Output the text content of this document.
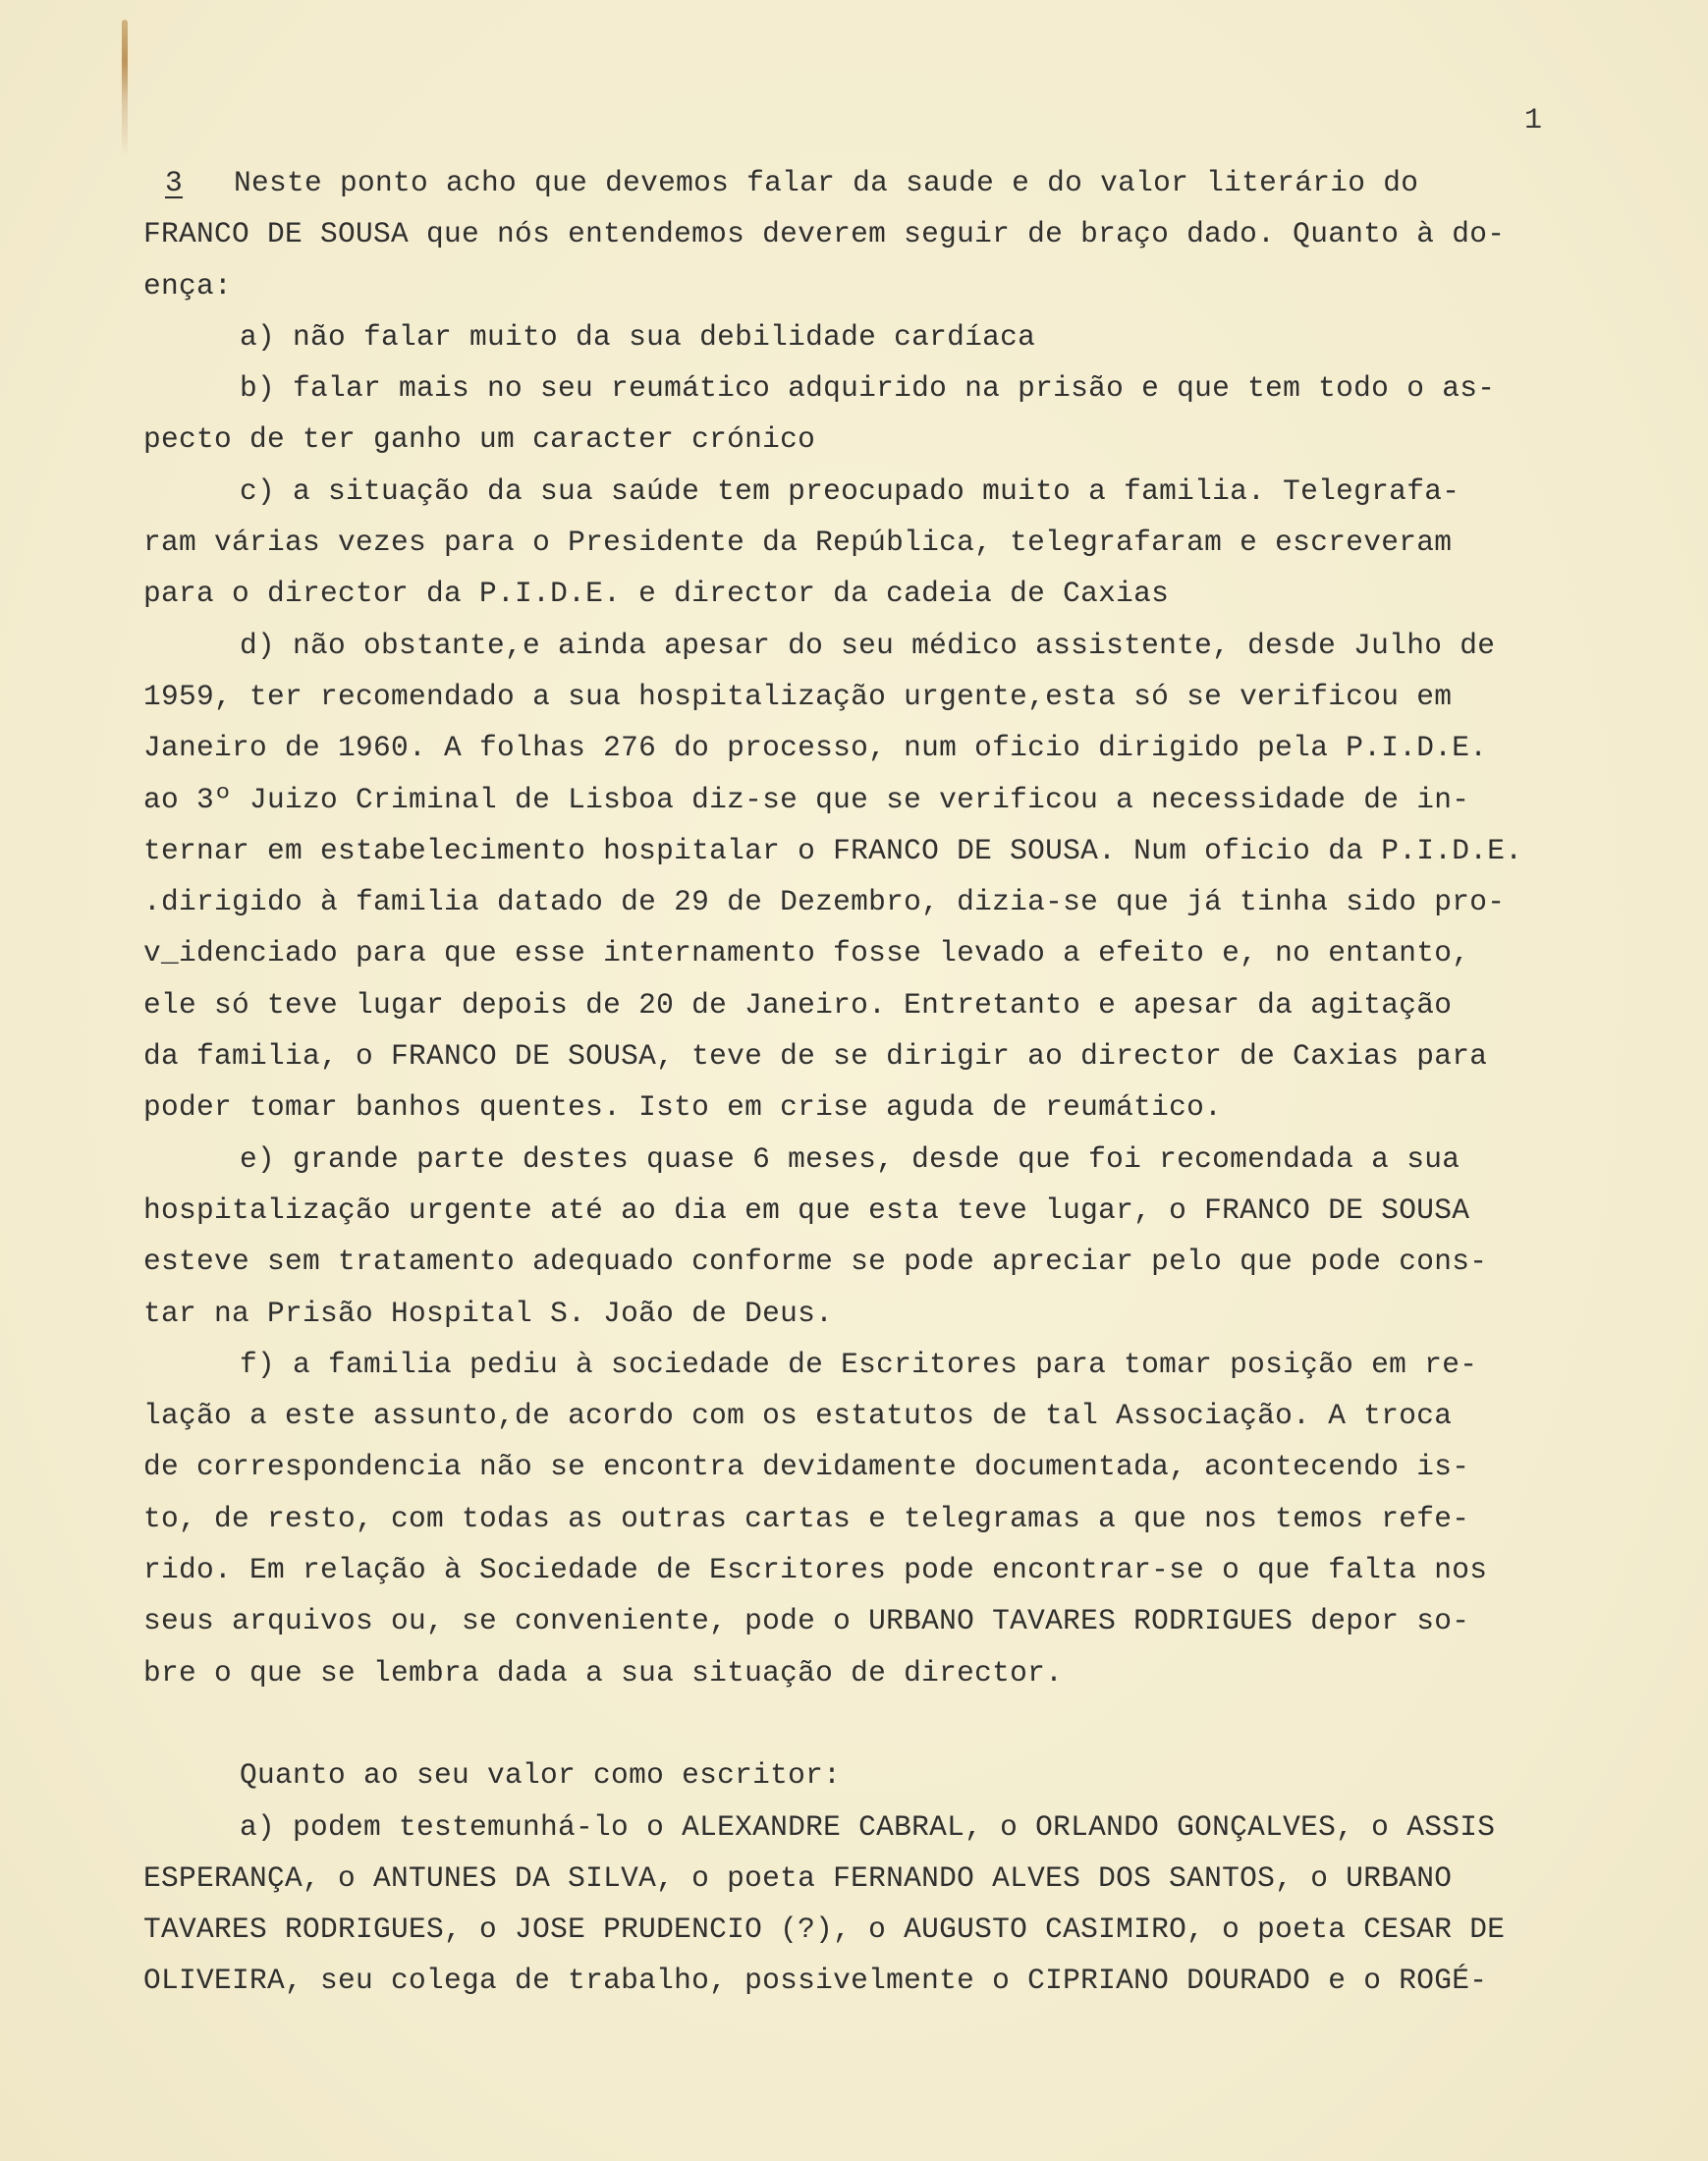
1
3 Neste ponto acho que devemos falar da saude e do valor literário do
FRANCO DE SOUSA que nós entendemos deverem seguir de braço dado. Quanto à do-
ença:
a) não falar muito da sua debilidade cardíaca
b) falar mais no seu reumático adquirido na prisão e que tem todo o as-
pecto de ter ganho um caracter crónico
c) a situação da sua saúde tem preocupado muito a familia. Telegrafa-
ram várias vezes para o Presidente da República, telegrafaram e escreveram
para o director da P.I.D.E. e director da cadeia de Caxias
d) não obstante,e ainda apesar do seu médico assistente, desde Julho de
1959, ter recomendado a sua hospitalização urgente,esta só se verificou em
Janeiro de 1960. A folhas 276 do processo, num oficio dirigido pela P.I.D.E.
ao 3º Juizo Criminal de Lisboa diz-se que se verificou a necessidade de in-
ternar em estabelecimento hospitalar o FRANCO DE SOUSA. Num oficio da P.I.D.E.
.dirigido à familia datado de 29 de Dezembro, dizia-se que já tinha sido pro-
v_idenciado para que esse internamento fosse levado a efeito e, no entanto,
ele só teve lugar depois de 20 de Janeiro. Entretanto e apesar da agitação
da familia, o FRANCO DE SOUSA, teve de se dirigir ao director de Caxias para
poder tomar banhos quentes. Isto em crise aguda de reumático.
e) grande parte destes quase 6 meses, desde que foi recomendada a sua
hospitalização urgente até ao dia em que esta teve lugar, o FRANCO DE SOUSA
esteve sem tratamento adequado conforme se pode apreciar pelo que pode cons-
tar na Prisão Hospital S. João de Deus.
f) a familia pediu à sociedade de Escritores para tomar posição em re-
lação a este assunto,de acordo com os estatutos de tal Associação. A troca
de correspondencia não se encontra devidamente documentada, acontecendo is-
to, de resto, com todas as outras cartas e telegramas a que nos temos refe-
rido. Em relação à Sociedade de Escritores pode encontrar-se o que falta nos
seus arquivos ou, se conveniente, pode o URBANO TAVARES RODRIGUES depor so-
bre o que se lembra dada a sua situação de director.
Quanto ao seu valor como escritor:
a) podem testemunhá-lo o ALEXANDRE CABRAL, o ORLANDO GONÇALVES, o ASSIS
ESPERANÇA, o ANTUNES DA SILVA, o poeta FERNANDO ALVES DOS SANTOS, o URBANO
TAVARES RODRIGUES, o JOSE PRUDENCIO (?), o AUGUSTO CASIMIRO, o poeta CESAR DE
OLIVEIRA, seu colega de trabalho, possivelmente o CIPRIANO DOURADO e o ROGÉ-
